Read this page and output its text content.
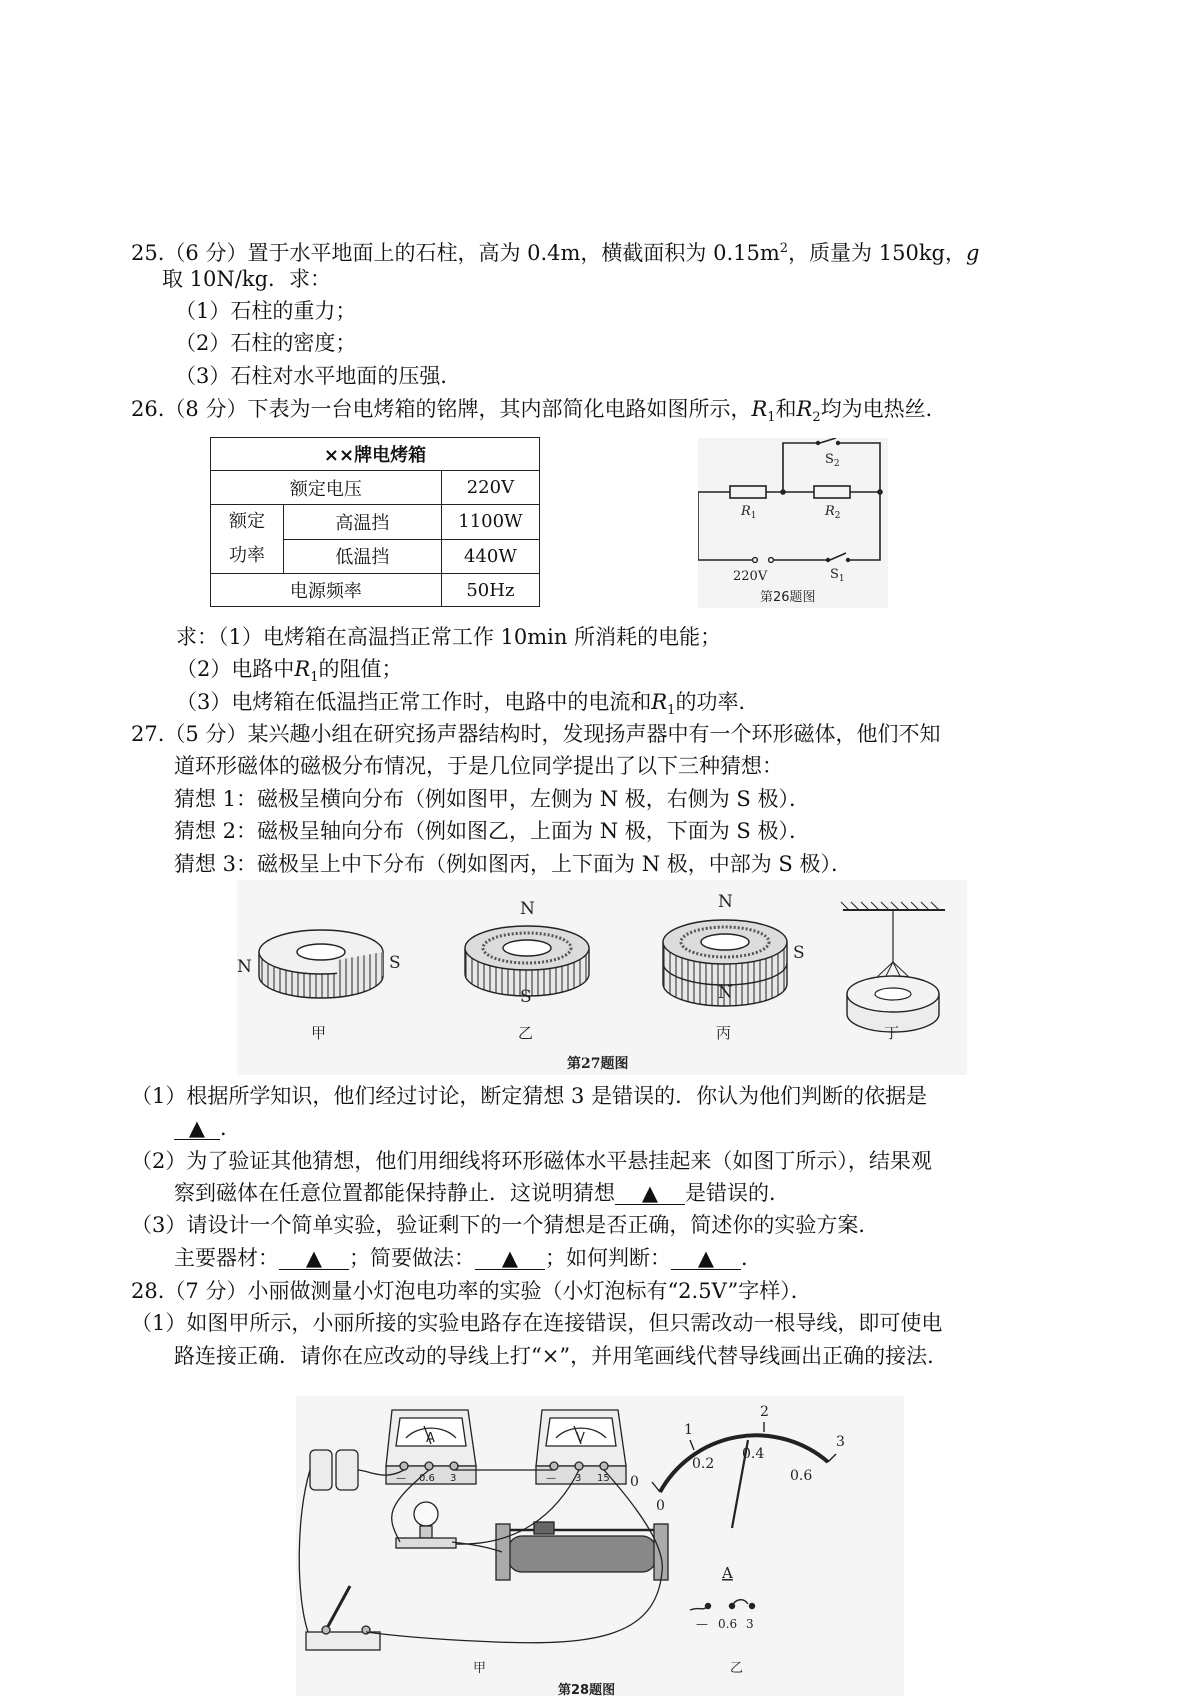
25.（6 分）置于水平地面上的石柱，高为 0.4m，横截面积为 $0.15m^2$，质量为 150kg，g
取 10N/kg．求：
（1）石柱的重力；
（2）石柱的密度；
（3）石柱对水平地面的压强．
26.（8 分）下表为一台电烤箱的铭牌，其内部简化电路如图所示，$R_1$和$R_2$均为电热丝．
××牌电烤箱		
额定电压		220V
额定
功率	高温挡	1100W
	低温挡	440W
电源频率		50Hz
$S_2$
$R_1$	$R_2$
220V	$S_1$
第26题图
求：（1）电烤箱在高温挡正常工作 10min 所消耗的电能；
（2）电路中$R_1$的阻值；
（3）电烤箱在低温挡正常工作时，电路中的电流和$R_1$的功率．
27.（5 分）某兴趣小组在研究扬声器结构时，发现扬声器中有一个环形磁体，他们不知
道环形磁体的磁极分布情况，于是几位同学提出了以下三种猜想：
猜想 1：磁极呈横向分布（例如图甲，左侧为 N 极，右侧为 S 极）．
猜想 2：磁极呈轴向分布（例如图乙，上面为 N 极，下面为 S 极）．
猜想 3：磁极呈上中下分布（例如图丙，上下面为 N 极，中部为 S 极）．
N	S
N
S
N
S
N
甲	乙	丙	丁
第27题图
（1）根据所学知识，他们经过讨论，断定猜想 3 是错误的．你认为他们判断的依据是
▲ ．
（2）为了验证其他猜想，他们用细线将环形磁体水平悬挂起来（如图丁所示），结果观
察到磁体在任意位置都能保持静止．这说明猜想 ▲ 是错误的．
（3）请设计一个简单实验，验证剩下的一个猜想是否正确，简述你的实验方案．
主要器材： ▲ ；简要做法： ▲ ；如何判断： ▲ ．
28.（7 分）小丽做测量小灯泡电功率的实验（小灯泡标有“2.5V”字样）．
（1）如图甲所示，小丽所接的实验电路存在连接错误，但只需改动一根导线，即可使电
路连接正确．请你在应改动的导线上打“×”，并用笔画线代替导线画出正确的接法．
A	V
— 0.6 3	— 3 15
甲
0
1
2
3
0
0.2
0.4
0.6
A
— 0.6 3
乙
第28题图
